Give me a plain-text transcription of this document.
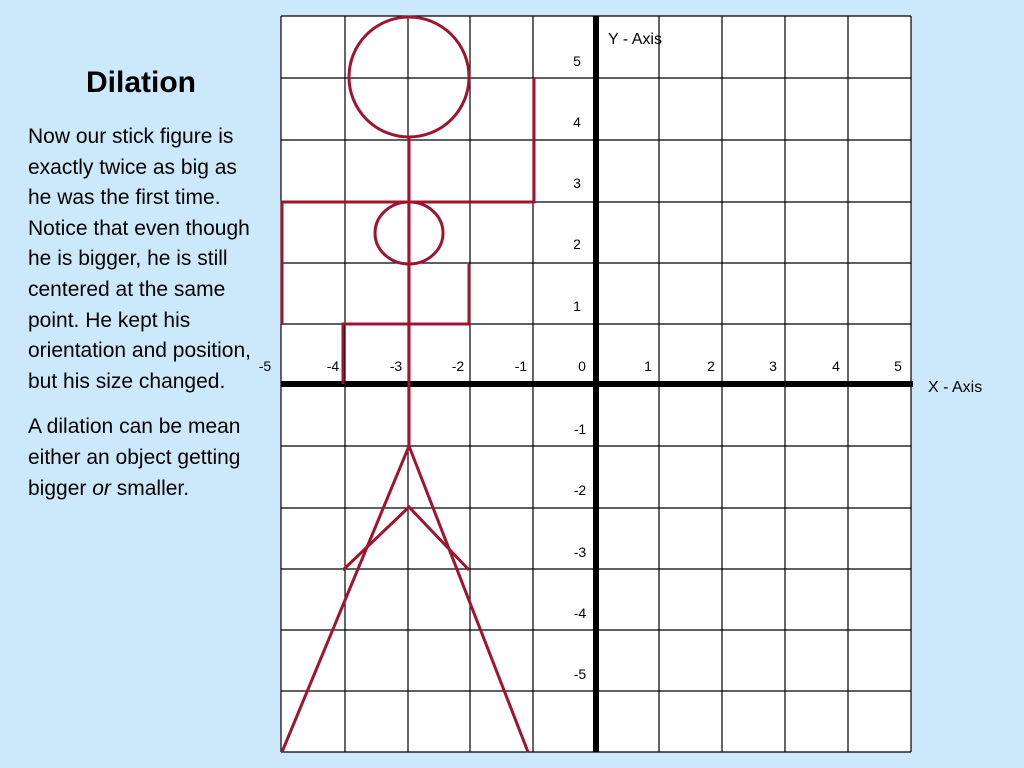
Dilation

Now our stick figure is exactly twice as big as he was the first time. Notice that even though he is bigger, he is still centered at the same point. He kept his orientation and position, but his size changed.

A dilation can be mean either an object getting bigger or smaller.

-5	-4	-3	-2	-1	0	1	2	3	4	5
5
4
3
2
1
-1
-2
-3
-4
-5
Y - Axis
X - Axis
